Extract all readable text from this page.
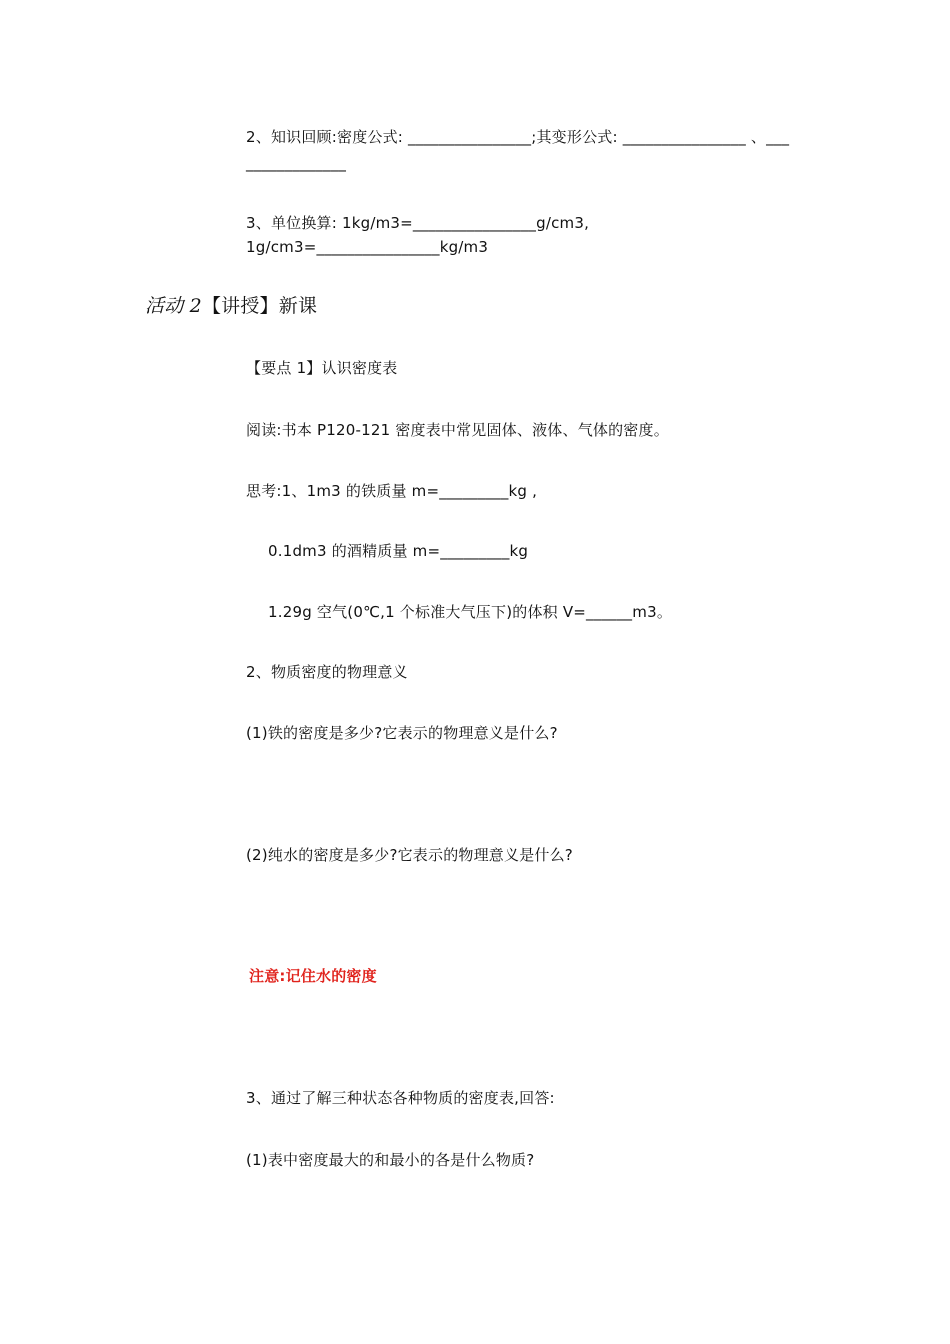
2、知识回顾:密度公式: ________________;其变形公式: ________________ 、___
_____________
3、单位换算: 1kg/m3=________________g/cm3,
1g/cm3=________________kg/m3
活动 2【讲授】新课
【要点 1】认识密度表
阅读:书本 P120-121 密度表中常见固体、液体、气体的密度。
思考:1、1m3 的铁质量 m=_________kg ,
0.1dm3 的酒精质量 m=_________kg
1.29g 空气(0℃,1 个标准大气压下)的体积 V=______m3。
2、物质密度的物理意义
(1)铁的密度是多少?它表示的物理意义是什么?
(2)纯水的密度是多少?它表示的物理意义是什么?
注意:记住水的密度
3、通过了解三种状态各种物质的密度表,回答:
(1)表中密度最大的和最小的各是什么物质?
